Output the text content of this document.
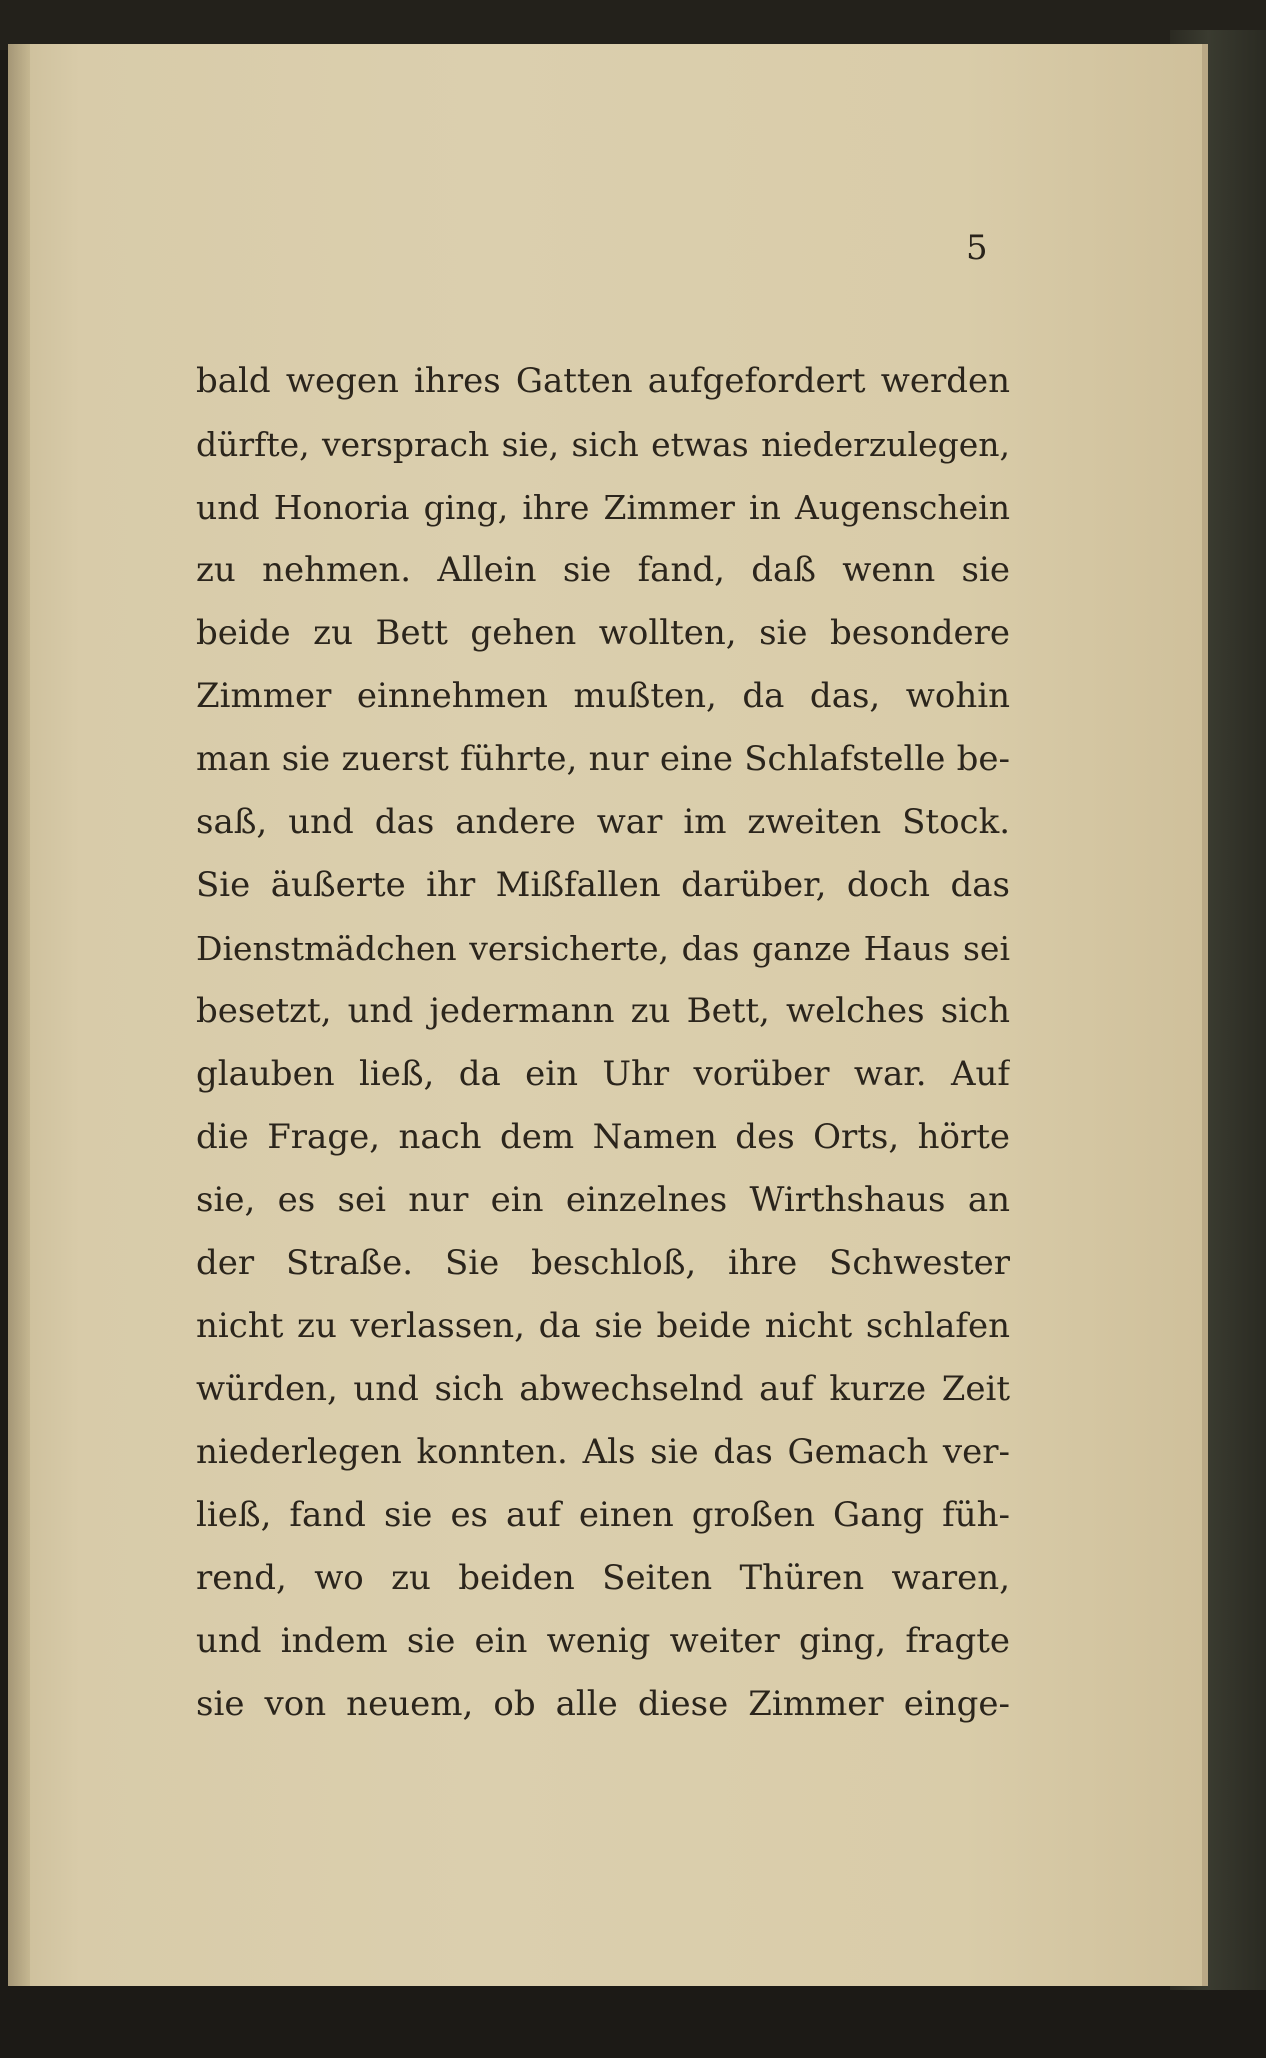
5
bald wegen ihres Gatten aufgefordert werden
dürfte, versprach sie, sich etwas niederzulegen,
und Honoria ging, ihre Zimmer in Augenschein
zu nehmen. Allein sie fand, daß wenn sie
beide zu Bett gehen wollten, sie besondere
Zimmer einnehmen mußten, da das, wohin
man sie zuerst führte, nur eine Schlafstelle be-
saß, und das andere war im zweiten Stock.
Sie äußerte ihr Mißfallen darüber, doch das
Dienstmädchen versicherte, das ganze Haus sei
besetzt, und jedermann zu Bett, welches sich
glauben ließ, da ein Uhr vorüber war. Auf
die Frage, nach dem Namen des Orts, hörte
sie, es sei nur ein einzelnes Wirthshaus an
der Straße. Sie beschloß, ihre Schwester
nicht zu verlassen, da sie beide nicht schlafen
würden, und sich abwechselnd auf kurze Zeit
niederlegen konnten. Als sie das Gemach ver-
ließ, fand sie es auf einen großen Gang füh-
rend, wo zu beiden Seiten Thüren waren,
und indem sie ein wenig weiter ging, fragte
sie von neuem, ob alle diese Zimmer einge-
